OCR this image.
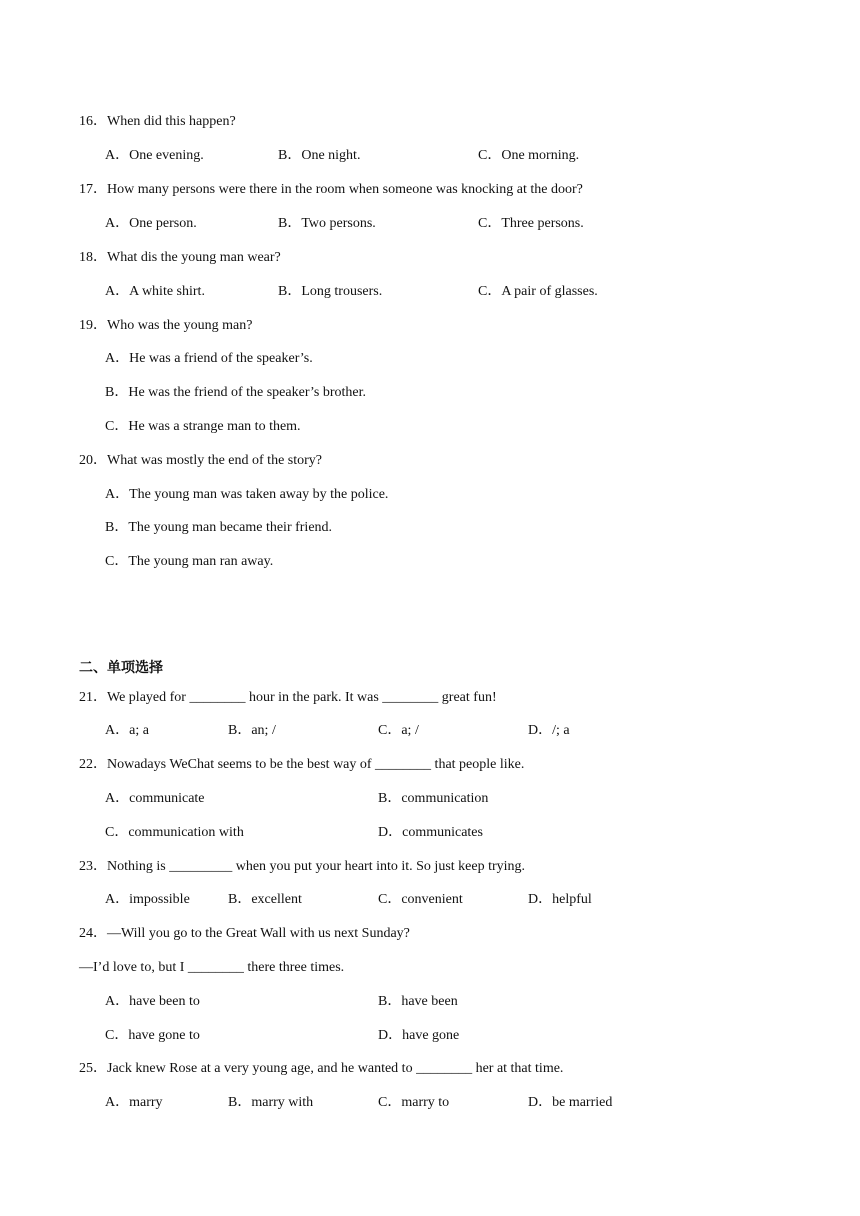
16．When did this happen?
A．One evening.	B．One night.	C．One morning.
17．How many persons were there in the room when someone was knocking at the door?
A．One person.	B．Two persons.	C．Three persons.
18．What dis the young man wear?
A．A white shirt.	B．Long trousers.	C．A pair of glasses.
19．Who was the young man?
A．He was a friend of the speaker’s.
B．He was the friend of the speaker’s brother.
C．He was a strange man to them.
20．What was mostly the end of the story?
A．The young man was taken away by the police.
B．The young man became their friend.
C．The young man ran away.
二、单项选择
21．We played for ________ hour in the park. It was ________ great fun!
A．a; a	B．an; /	C．a; /	D．/; a
22．Nowadays WeChat seems to be the best way of ________ that people like.
A．communicate	B．communication
C．communication with	D．communicates
23．Nothing is _________ when you put your heart into it. So just keep trying.
A．impossible	B．excellent	C．convenient	D．helpful
24．—Will you go to the Great Wall with us next Sunday?
—I’d love to, but I ________ there three times.
A．have been to	B．have been
C．have gone to	D．have gone
25．Jack knew Rose at a very young age, and he wanted to ________ her at that time.
A．marry	B．marry with	C．marry to	D．be married
